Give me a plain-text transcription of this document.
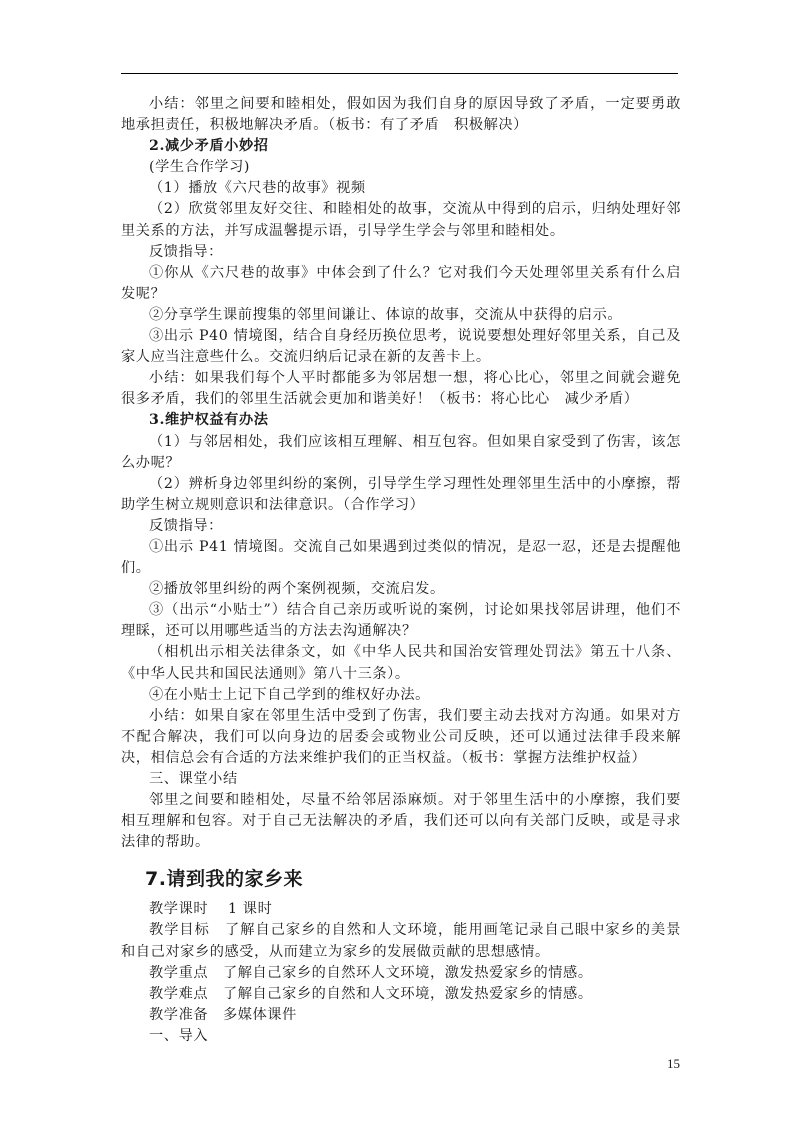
小结：邻里之间要和睦相处，假如因为我们自身的原因导致了矛盾，一定要勇敢地承担责任，积极地解决矛盾。（板书：有了矛盾　积极解决）

2.减少矛盾小妙招

(学生合作学习)

（1）播放《六尺巷的故事》视频

（2）欣赏邻里友好交往、和睦相处的故事，交流从中得到的启示，归纳处理好邻里关系的方法，并写成温馨提示语，引导学生学会与邻里和睦相处。

反馈指导：

①你从《六尺巷的故事》中体会到了什么？它对我们今天处理邻里关系有什么启发呢？

②分享学生课前搜集的邻里间谦让、体谅的故事，交流从中获得的启示。

③出示 P40 情境图，结合自身经历换位思考，说说要想处理好邻里关系，自己及家人应当注意些什么。交流归纳后记录在新的友善卡上。

小结：如果我们每个人平时都能多为邻居想一想，将心比心，邻里之间就会避免很多矛盾，我们的邻里生活就会更加和谐美好！（板书：将心比心　减少矛盾）

3.维护权益有办法

（1）与邻居相处，我们应该相互理解、相互包容。但如果自家受到了伤害，该怎么办呢？

（2）辨析身边邻里纠纷的案例，引导学生学习理性处理邻里生活中的小摩擦，帮助学生树立规则意识和法律意识。（合作学习）

反馈指导：

①出示 P41 情境图。交流自己如果遇到过类似的情况，是忍一忍，还是去提醒他们。

②播放邻里纠纷的两个案例视频，交流启发。

③（出示“小贴士”）结合自己亲历或听说的案例，讨论如果找邻居讲理，他们不理睬，还可以用哪些适当的方法去沟通解决？

（相机出示相关法律条文，如《中华人民共和国治安管理处罚法》第五十八条、《中华人民共和国民法通则》第八十三条）。

④在小贴士上记下自己学到的维权好办法。

小结：如果自家在邻里生活中受到了伤害，我们要主动去找对方沟通。如果对方不配合解决，我们可以向身边的居委会或物业公司反映，还可以通过法律手段来解决，相信总会有合适的方法来维护我们的正当权益。（板书：掌握方法维护权益）

三、课堂小结

邻里之间要和睦相处，尽量不给邻居添麻烦。对于邻里生活中的小摩擦，我们要相互理解和包容。对于自己无法解决的矛盾，我们还可以向有关部门反映，或是寻求法律的帮助。

7.请到我的家乡来

教学课时　 1 课时

教学目标　了解自己家乡的自然和人文环境，能用画笔记录自己眼中家乡的美景和自己对家乡的感受，从而建立为家乡的发展做贡献的思想感情。

教学重点　了解自己家乡的自然环人文环境，激发热爱家乡的情感。

教学难点　了解自己家乡的自然和人文环境，激发热爱家乡的情感。

教学准备　多媒体课件

一、导入

15
